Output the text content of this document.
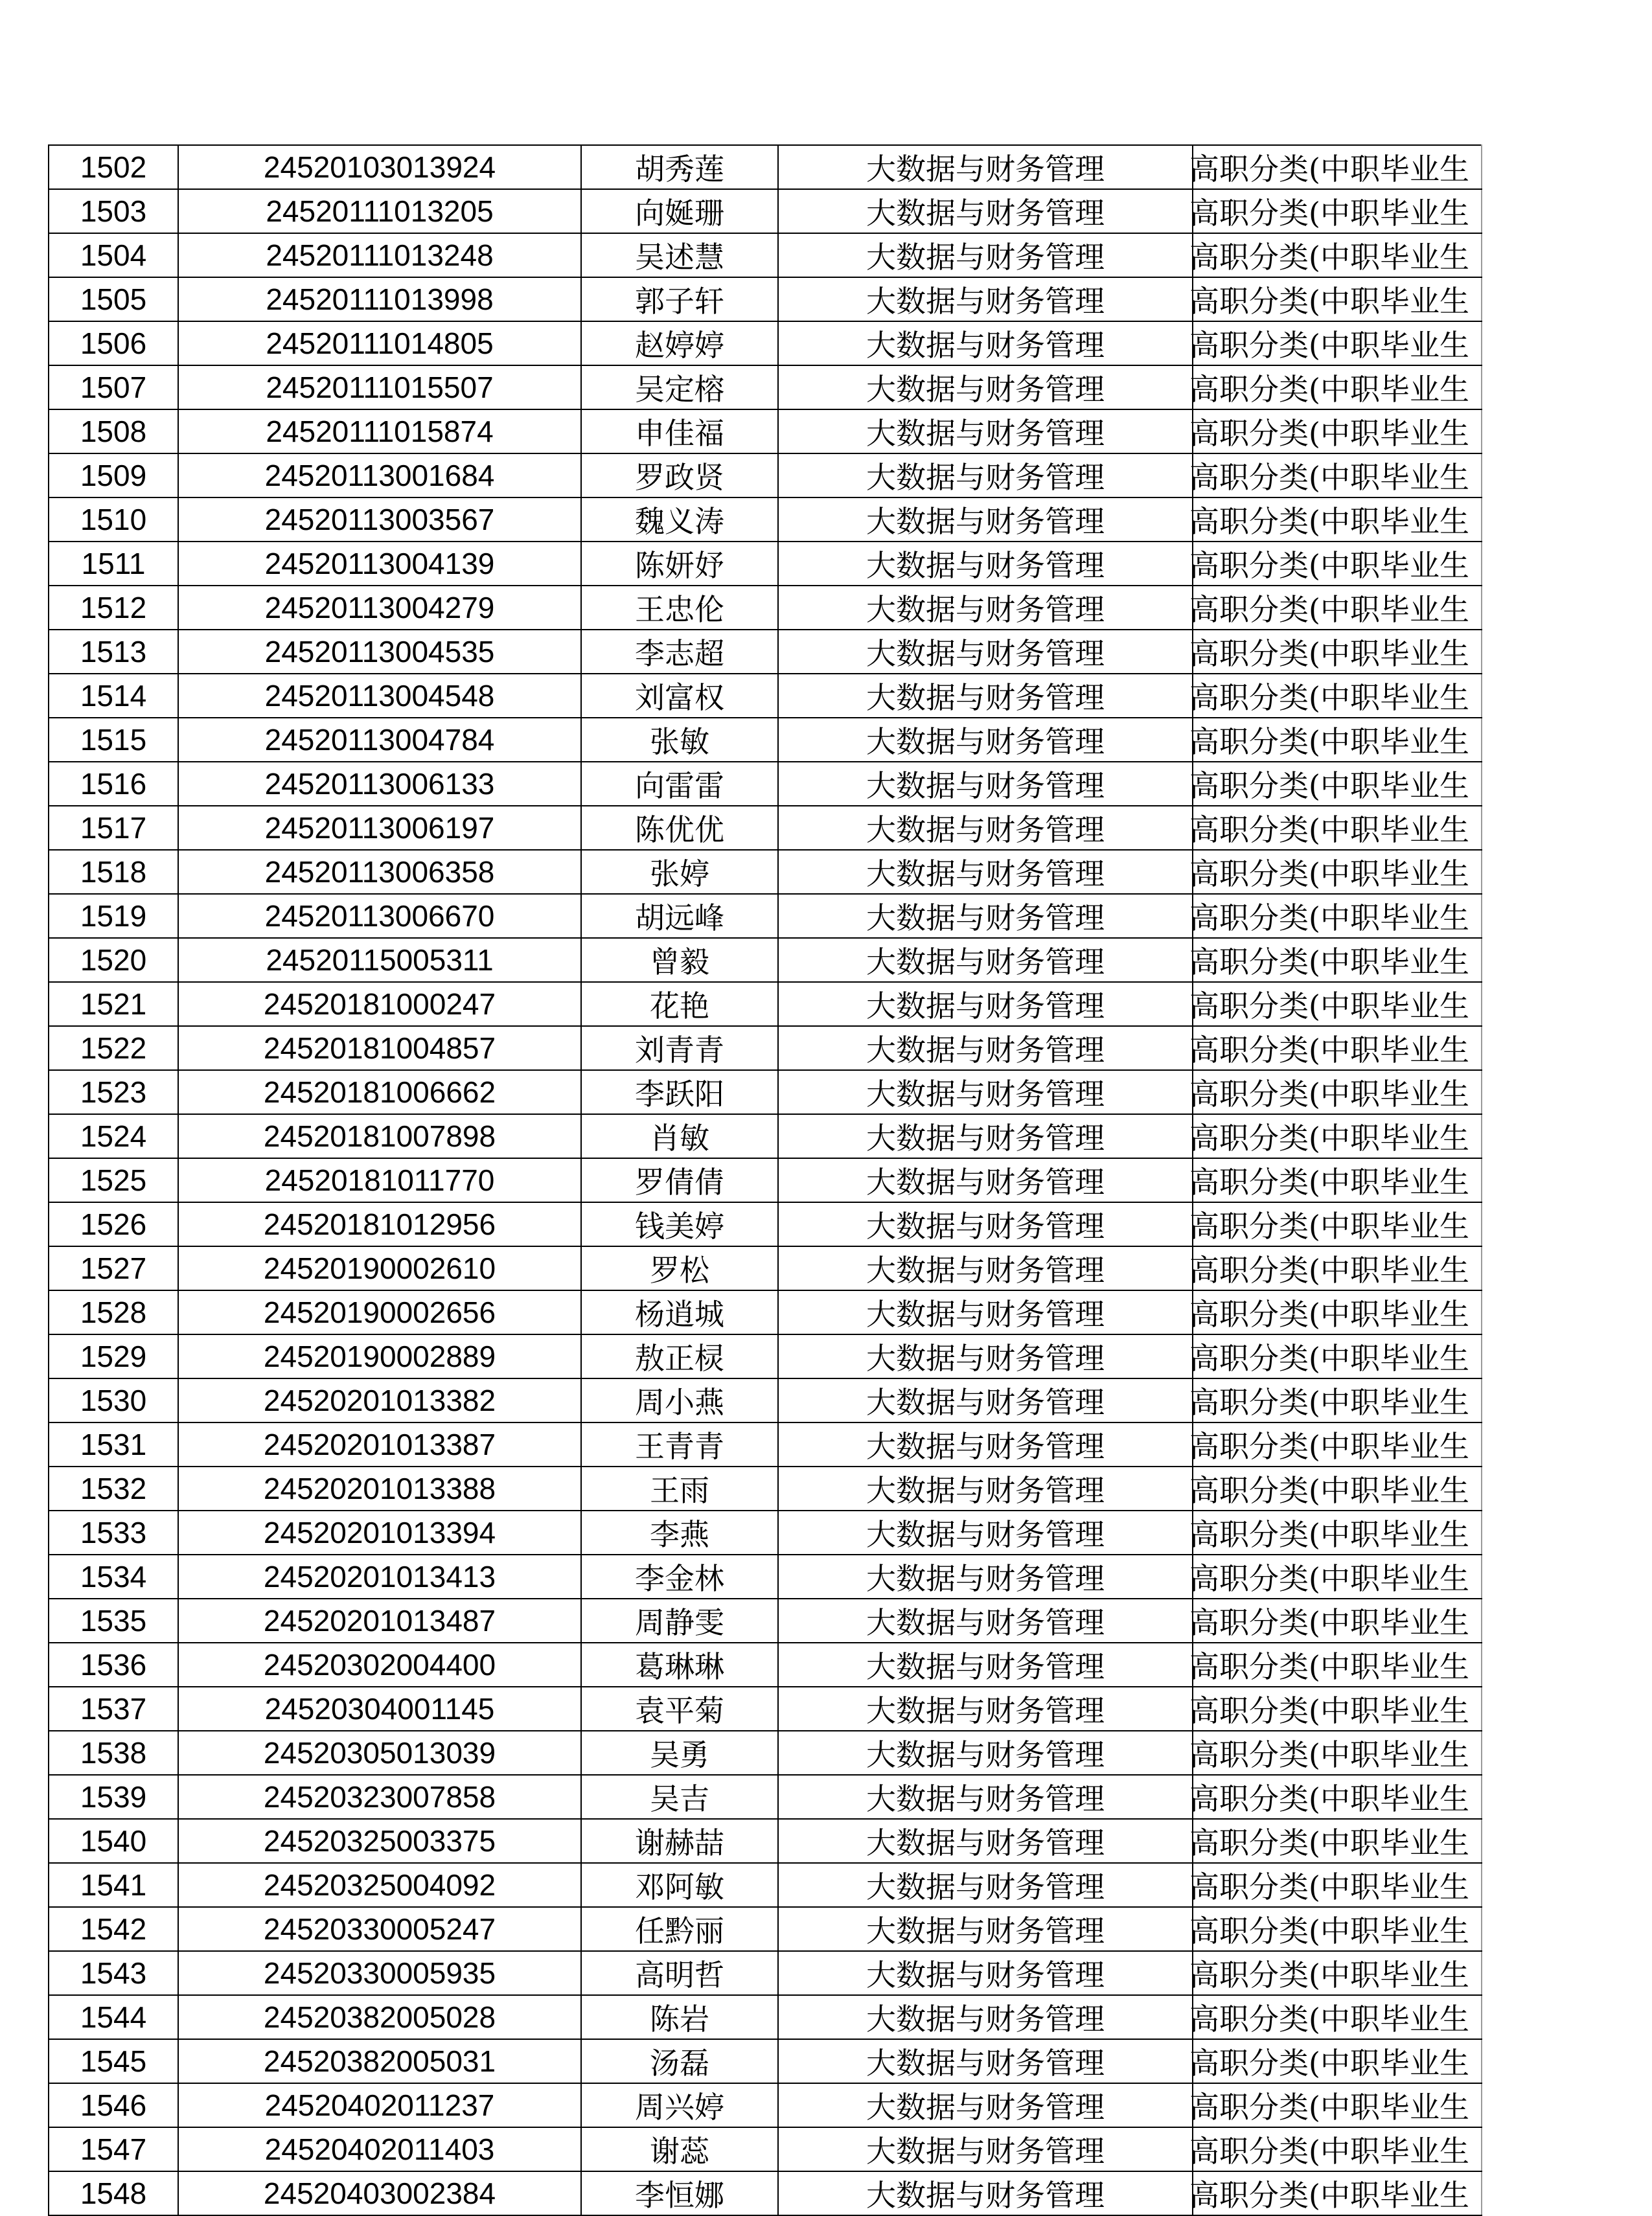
1502	24520103013924	胡秀莲	大数据与财务管理	高职分类(中职毕业生
1503	24520111013205	向娫珊	大数据与财务管理	高职分类(中职毕业生
1504	24520111013248	吴述慧	大数据与财务管理	高职分类(中职毕业生
1505	24520111013998	郭子轩	大数据与财务管理	高职分类(中职毕业生
1506	24520111014805	赵婷婷	大数据与财务管理	高职分类(中职毕业生
1507	24520111015507	吴定榕	大数据与财务管理	高职分类(中职毕业生
1508	24520111015874	申佳福	大数据与财务管理	高职分类(中职毕业生
1509	24520113001684	罗政贤	大数据与财务管理	高职分类(中职毕业生
1510	24520113003567	魏义涛	大数据与财务管理	高职分类(中职毕业生
1511	24520113004139	陈妍妤	大数据与财务管理	高职分类(中职毕业生
1512	24520113004279	王忠伦	大数据与财务管理	高职分类(中职毕业生
1513	24520113004535	李志超	大数据与财务管理	高职分类(中职毕业生
1514	24520113004548	刘富权	大数据与财务管理	高职分类(中职毕业生
1515	24520113004784	张敏	大数据与财务管理	高职分类(中职毕业生
1516	24520113006133	向雷雷	大数据与财务管理	高职分类(中职毕业生
1517	24520113006197	陈优优	大数据与财务管理	高职分类(中职毕业生
1518	24520113006358	张婷	大数据与财务管理	高职分类(中职毕业生
1519	24520113006670	胡远峰	大数据与财务管理	高职分类(中职毕业生
1520	24520115005311	曾毅	大数据与财务管理	高职分类(中职毕业生
1521	24520181000247	花艳	大数据与财务管理	高职分类(中职毕业生
1522	24520181004857	刘青青	大数据与财务管理	高职分类(中职毕业生
1523	24520181006662	李跃阳	大数据与财务管理	高职分类(中职毕业生
1524	24520181007898	肖敏	大数据与财务管理	高职分类(中职毕业生
1525	24520181011770	罗倩倩	大数据与财务管理	高职分类(中职毕业生
1526	24520181012956	钱美婷	大数据与财务管理	高职分类(中职毕业生
1527	24520190002610	罗松	大数据与财务管理	高职分类(中职毕业生
1528	24520190002656	杨逍城	大数据与财务管理	高职分类(中职毕业生
1529	24520190002889	敖正棂	大数据与财务管理	高职分类(中职毕业生
1530	24520201013382	周小燕	大数据与财务管理	高职分类(中职毕业生
1531	24520201013387	王青青	大数据与财务管理	高职分类(中职毕业生
1532	24520201013388	王雨	大数据与财务管理	高职分类(中职毕业生
1533	24520201013394	李燕	大数据与财务管理	高职分类(中职毕业生
1534	24520201013413	李金林	大数据与财务管理	高职分类(中职毕业生
1535	24520201013487	周静雯	大数据与财务管理	高职分类(中职毕业生
1536	24520302004400	葛琳琳	大数据与财务管理	高职分类(中职毕业生
1537	24520304001145	袁平菊	大数据与财务管理	高职分类(中职毕业生
1538	24520305013039	吴勇	大数据与财务管理	高职分类(中职毕业生
1539	24520323007858	吴吉	大数据与财务管理	高职分类(中职毕业生
1540	24520325003375	谢赫喆	大数据与财务管理	高职分类(中职毕业生
1541	24520325004092	邓阿敏	大数据与财务管理	高职分类(中职毕业生
1542	24520330005247	任黔丽	大数据与财务管理	高职分类(中职毕业生
1543	24520330005935	高明哲	大数据与财务管理	高职分类(中职毕业生
1544	24520382005028	陈岩	大数据与财务管理	高职分类(中职毕业生
1545	24520382005031	汤磊	大数据与财务管理	高职分类(中职毕业生
1546	24520402011237	周兴婷	大数据与财务管理	高职分类(中职毕业生
1547	24520402011403	谢蕊	大数据与财务管理	高职分类(中职毕业生
1548	24520403002384	李恒娜	大数据与财务管理	高职分类(中职毕业生
